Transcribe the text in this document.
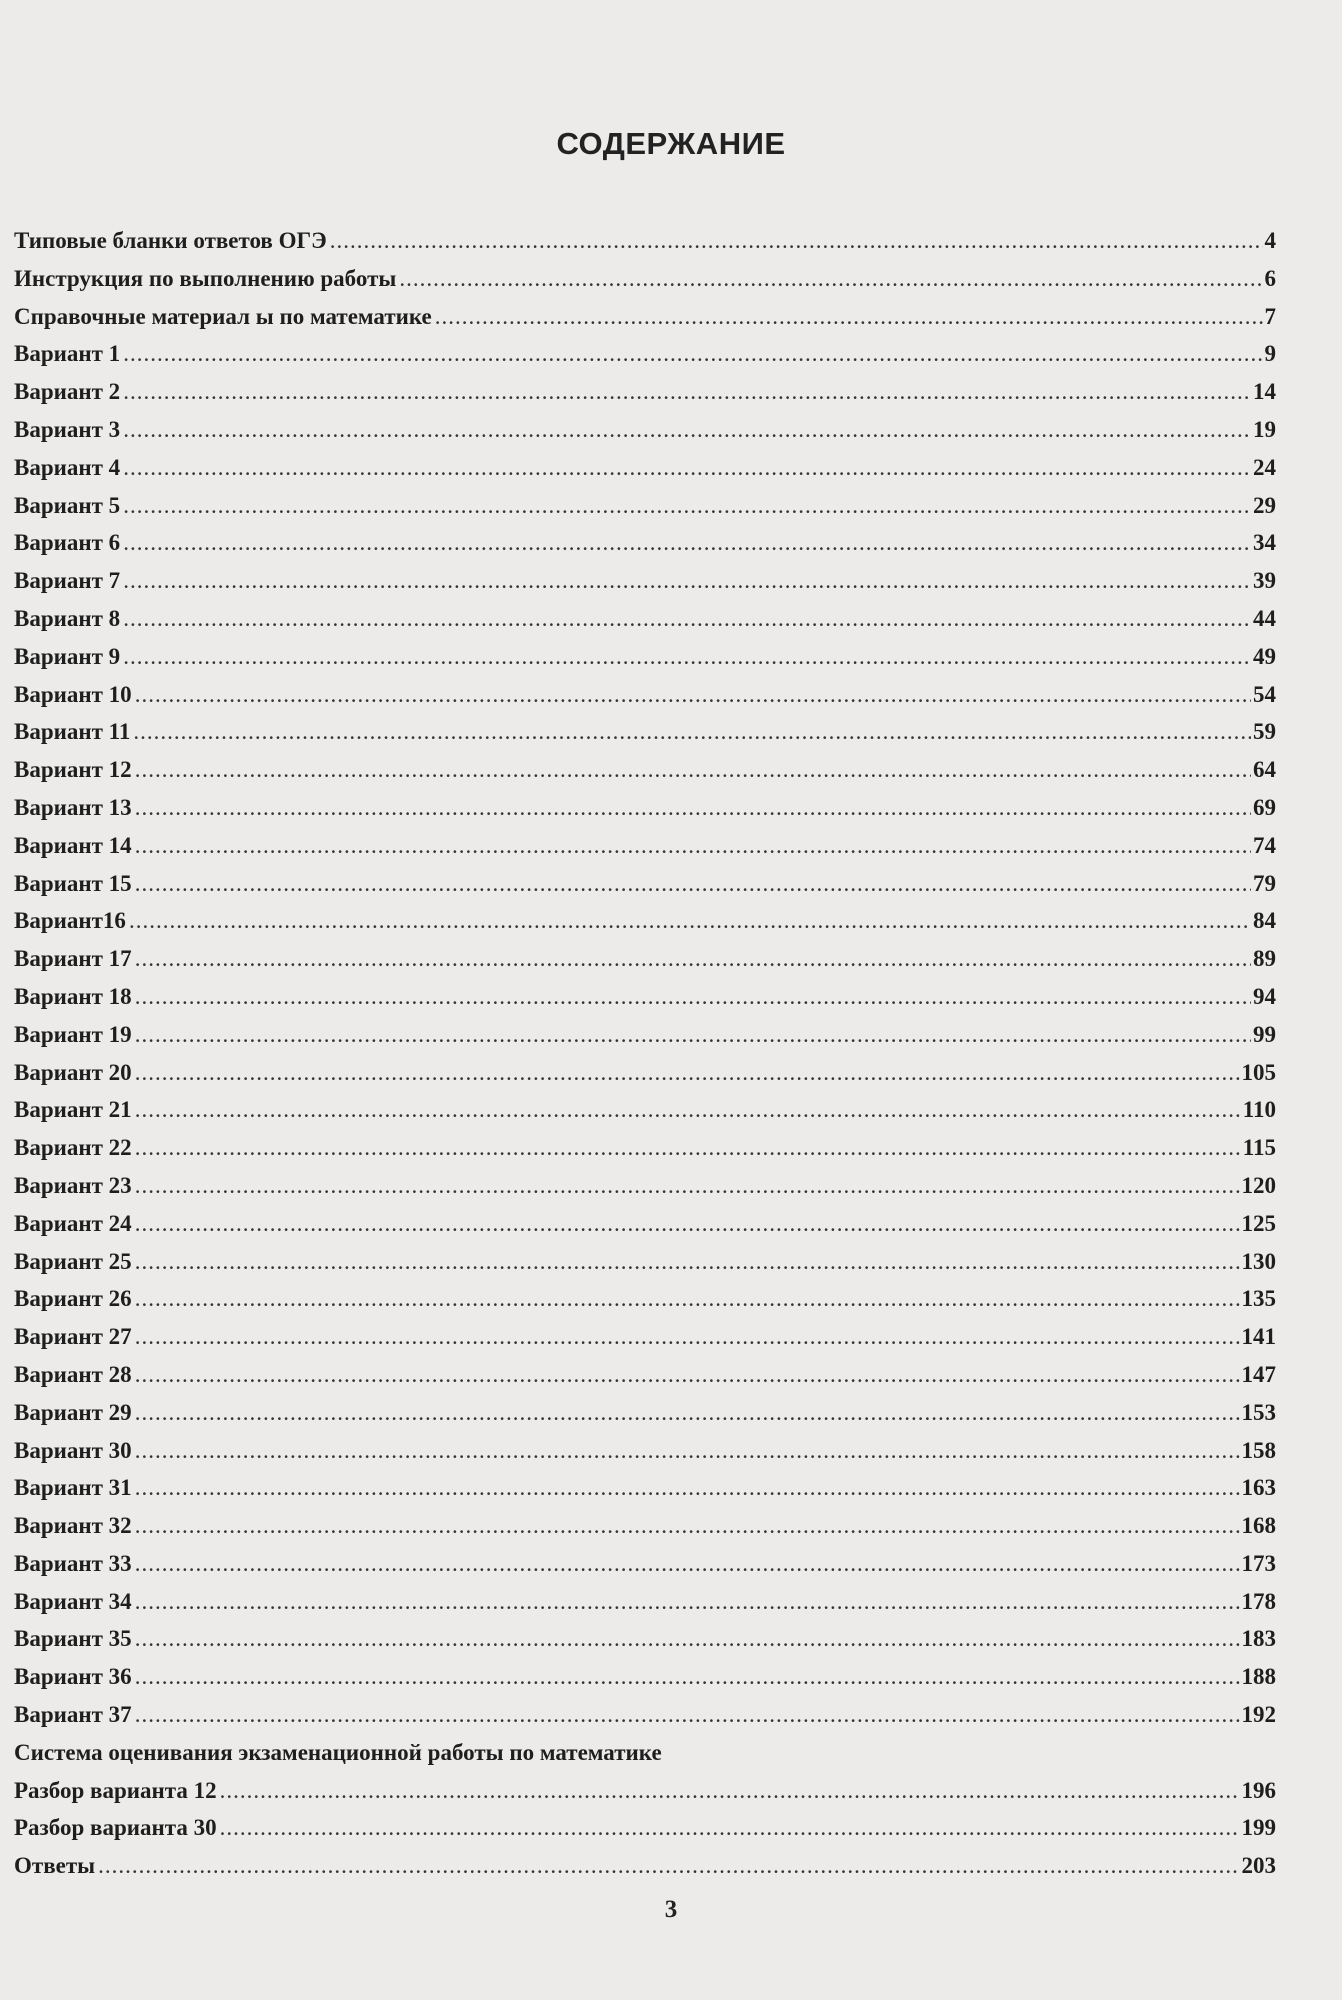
СОДЕРЖАНИЕ
Типовые бланки ответов ОГЭ .....	4
Инструкция по выполнению работы .....	6
Справочные материал ы по математике .....	7
Вариант 1 .....	9
Вариант 2 .....	14
Вариант 3 .....	19
Вариант 4 .....	24
Вариант 5 .....	29
Вариант 6 .....	34
Вариант 7 .....	39
Вариант 8 .....	44
Вариант 9 .....	49
Вариант 10 .....	54
Вариант 11 .....	59
Вариант 12 .....	64
Вариант 13 .....	69
Вариант 14 .....	74
Вариант 15 .....	79
Вариант16 .....	84
Вариант 17 .....	89
Вариант 18 .....	94
Вариант 19 .....	99
Вариант 20 .....	105
Вариант 21 .....	110
Вариант 22 .....	115
Вариант 23 .....	120
Вариант 24 .....	125
Вариант 25 .....	130
Вариант 26 .....	135
Вариант 27 .....	141
Вариант 28 .....	147
Вариант 29 .....	153
Вариант 30 .....	158
Вариант 31 .....	163
Вариант 32 .....	168
Вариант 33 .....	173
Вариант 34 .....	178
Вариант 35 .....	183
Вариант 36 .....	188
Вариант 37 .....	192
Система оценивания экзаменационной работы по математике
Разбор варианта 12 .....	196
Разбор варианта 30 .....	199
Ответы .....	203
3
